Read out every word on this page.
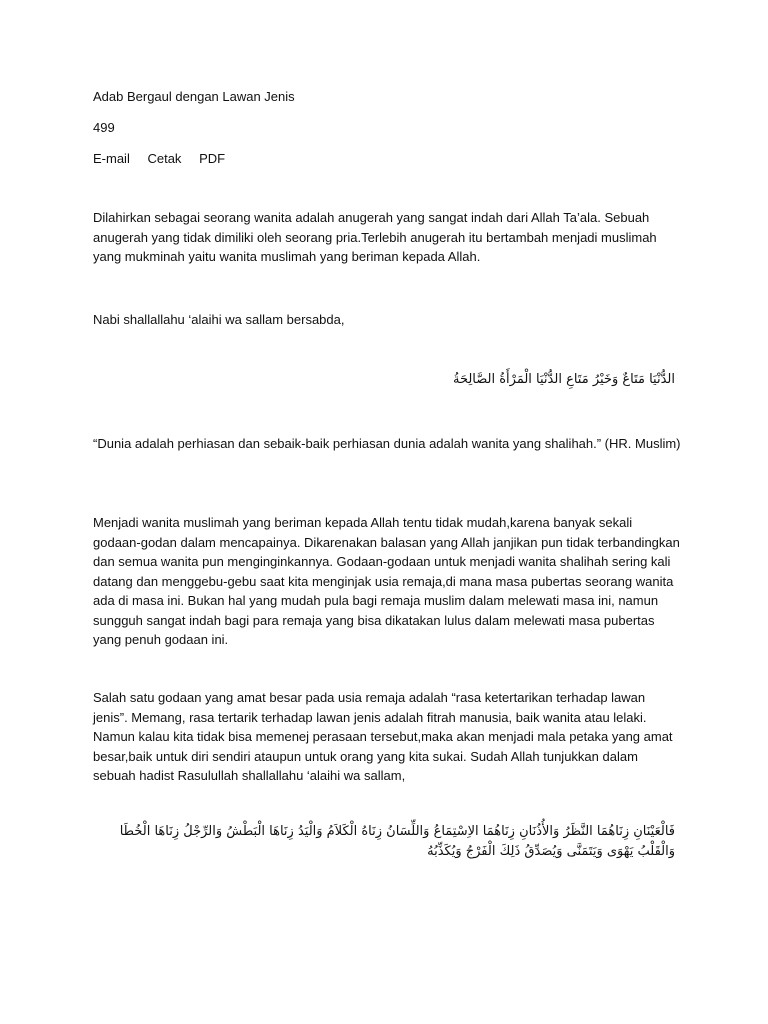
Adab Bergaul dengan Lawan Jenis
499
E-mail Cetak PDF
Dilahirkan sebagai seorang wanita adalah anugerah yang sangat indah dari Allah Ta’ala. Sebuah anugerah yang tidak dimiliki oleh seorang pria.Terlebih anugerah itu bertambah menjadi muslimah yang mukminah yaitu wanita muslimah yang beriman kepada Allah.
Nabi shallallahu ‘alaihi wa sallam bersabda,
الدُّنْيَا مَتَاعٌ وَخَيْرُ مَتَاعِ الدُّنْيَا الْمَرْأَةُ الصَّالِحَةُ
“Dunia adalah perhiasan dan sebaik-baik perhiasan dunia adalah wanita yang shalihah.” (HR. Muslim)
Menjadi wanita muslimah yang beriman kepada Allah tentu tidak mudah,karena banyak sekali godaan-godan dalam mencapainya. Dikarenakan balasan yang Allah janjikan pun tidak terbandingkan dan semua wanita pun menginginkannya. Godaan-godaan untuk menjadi wanita shalihah sering kali datang dan menggebu-gebu saat kita menginjak usia remaja,di mana masa pubertas seorang wanita ada di masa ini. Bukan hal yang mudah pula bagi remaja muslim dalam melewati masa ini, namun sungguh sangat indah bagi para remaja yang bisa dikatakan lulus dalam melewati masa pubertas yang penuh godaan ini.
Salah satu godaan yang amat besar pada usia remaja adalah “rasa ketertarikan terhadap lawan jenis”. Memang, rasa tertarik terhadap lawan jenis adalah fitrah manusia, baik wanita atau lelaki. Namun kalau kita tidak bisa memenej perasaan tersebut,maka akan menjadi mala petaka yang amat besar,baik untuk diri sendiri ataupun untuk orang yang kita sukai. Sudah Allah tunjukkan dalam sebuah hadist Rasulullah shallallahu ‘alaihi wa sallam,
فَالْعَيْنَانِ زِنَاهُمَا النَّظَرُ وَالأُذُنَانِ زِنَاهُمَا الاِسْتِمَاعُ وَاللِّسَانُ زِنَاهُ الْكَلاَمُ وَالْيَدُ زِنَاهَا الْبَطْشُ وَالرِّجْلُ زِنَاهَا الْخُطَا وَالْقَلْبُ يَهْوَى وَيَتَمَنَّى وَيُصَدِّقُ ذَلِكَ الْفَرْجُ وَيُكَذِّبُهُ
